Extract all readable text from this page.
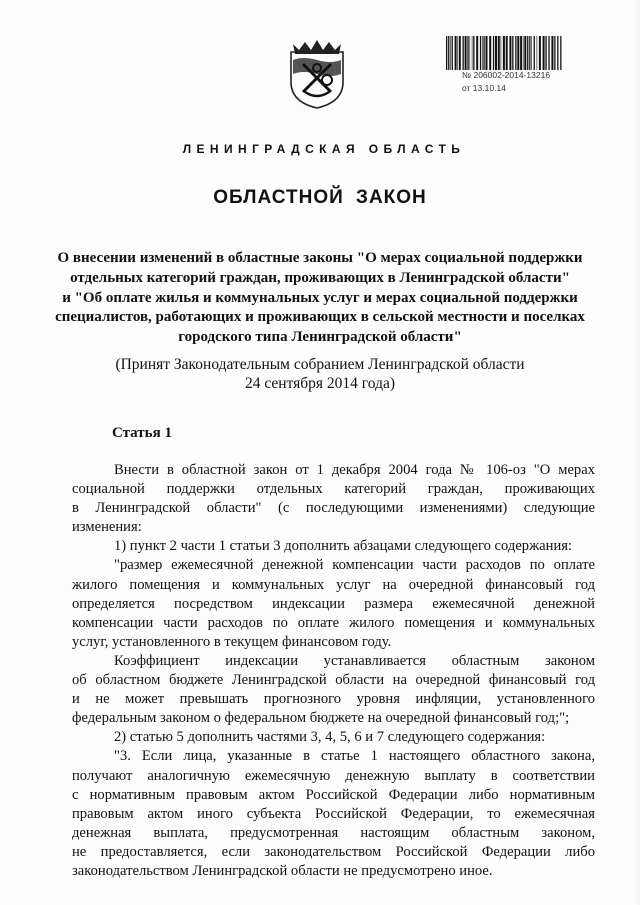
№ 206002-2014-13216
от 13.10.14
ЛЕНИНГРАДСКАЯ ОБЛАСТЬ
ОБЛАСТНОЙ ЗАКОН
О внесении изменений в областные законы "О мерах социальной поддержки
отдельных категорий граждан, проживающих в Ленинградской области"
и "Об оплате жилья и коммунальных услуг и мерах социальной поддержки
специалистов, работающих и проживающих в сельской местности и поселках
городского типа Ленинградской области"
(Принят Законодательным собранием Ленинградской области
24 сентября 2014 года)
Статья 1
Внести в областной закон от 1 декабря 2004 года № 106-оз "О мерах
социальной поддержки отдельных категорий граждан, проживающих
в Ленинградской области" (с последующими изменениями) следующие
изменения:
1) пункт 2 части 1 статьи 3 дополнить абзацами следующего содержания:
"размер ежемесячной денежной компенсации части расходов по оплате
жилого помещения и коммунальных услуг на очередной финансовый год
определяется посредством индексации размера ежемесячной денежной
компенсации части расходов по оплате жилого помещения и коммунальных
услуг, установленного в текущем финансовом году.
Коэффициент индексации устанавливается областным законом
об областном бюджете Ленинградской области на очередной финансовый год
и не может превышать прогнозного уровня инфляции, установленного
федеральным законом о федеральном бюджете на очередной финансовый год;";
2) статью 5 дополнить частями 3, 4, 5, 6 и 7 следующего содержания:
"3. Если лица, указанные в статье 1 настоящего областного закона,
получают аналогичную ежемесячную денежную выплату в соответствии
с нормативным правовым актом Российской Федерации либо нормативным
правовым актом иного субъекта Российской Федерации, то ежемесячная
денежная выплата, предусмотренная настоящим областным законом,
не предоставляется, если законодательством Российской Федерации либо
законодательством Ленинградской области не предусмотрено иное.
